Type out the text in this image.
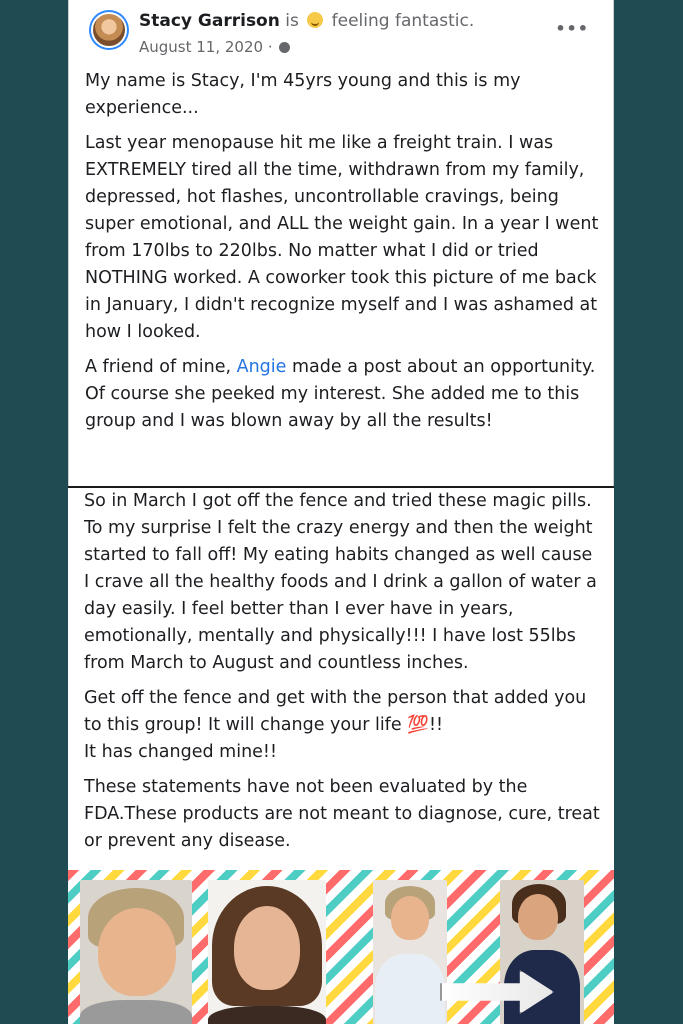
Stacy Garrison is feeling fantastic.
August 11, 2020 ·
•••

My name is Stacy, I'm 45yrs young and this is my experience...

Last year menopause hit me like a freight train. I was EXTREMELY tired all the time, withdrawn from my family, depressed, hot flashes, uncontrollable cravings, being super emotional, and ALL the weight gain. In a year I went from 170lbs to 220lbs. No matter what I did or tried NOTHING worked. A coworker took this picture of me back in January, I didn't recognize myself and I was ashamed at how I looked.

A friend of mine, Angie made a post about an opportunity. Of course she peeked my interest. She added me to this group and I was blown away by all the results!

So in March I got off the fence and tried these magic pills. To my surprise I felt the crazy energy and then the weight started to fall off! My eating habits changed as well cause I crave all the healthy foods and I drink a gallon of water a day easily. I feel better than I ever have in years, emotionally, mentally and physically!!! I have lost 55lbs from March to August and countless inches.

Get off the fence and get with the person that added you to this group! It will change your life 💯!!

It has changed mine!!

These statements have not been evaluated by the FDA.These products are not meant to diagnose, cure, treat or prevent any disease.
